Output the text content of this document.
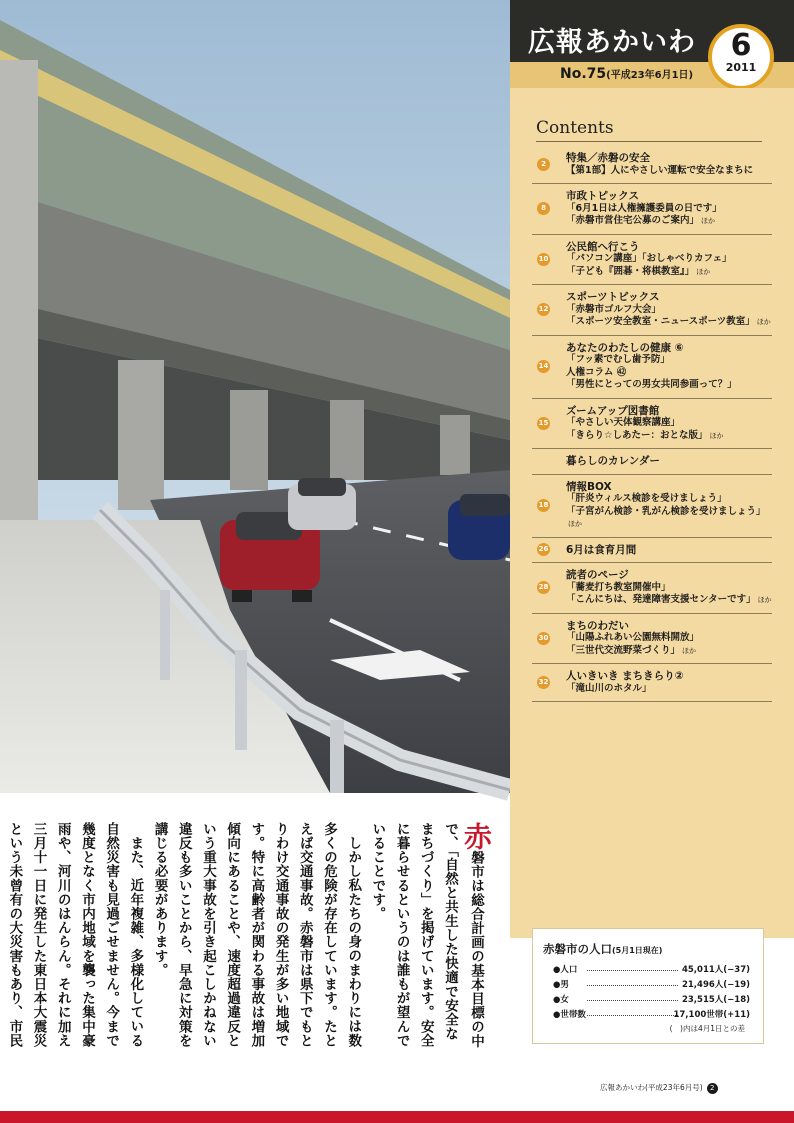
広報あかいわ
No.75(平成23年6月1日)
6
2011
Contents
2	特集／赤磐の安全
【第1部】人にやさしい運転で安全なまちに
8
市政トピックス
「6月1日は人権擁護委員の日です」
「赤磐市営住宅公募のご案内」 ほか
10
公民館へ行こう
「パソコン講座」「おしゃべりカフェ」
「子ども『囲碁・将棋教室』」 ほか
12
スポーツトピックス
「赤磐市ゴルフ大会」
「スポーツ安全教室・ニュースポーツ教室」 ほか
14
あなたのわたしの健康 ⑥
「フッ素でむし歯予防」
人権コラム ㊷
「男性にとっての男女共同参画って？」
15
ズームアップ図書館
「やさしい天体観察講座」
「きらり☆しあたー：おとな版」 ほか
暮らしのカレンダー
18
情報BOX
「肝炎ウィルス検診を受けましょう」
「子宮がん検診・乳がん検診を受けましょう」ほか
26 6月は食育月間
28
読者のページ
「蕎麦打ち教室開催中」
「こんにちは、発達障害支援センターです」 ほか
30
まちのわだい
「山陽ふれあい公園無料開放」
「三世代交流野菜づくり」 ほか
32 人いきいき まちきらり②
「滝山川のホタル」
赤磐市の人口(5月1日現在)
●人口	45,011人(−37)
●男	21,496人(−19)
●女	23,515人(−18)
●世帯数	17,100世帯(+11)
(　)内は4月1日との差
広報あかいわ(平成23年6月号) 2

赤磐市は総合計画の基本目標の中で、「自然と共生した快適で安全なまちづくり」を掲げています。安全に暮らせるというのは誰もが望んでいることです。

しかし私たちの身のまわりには数多くの危険が存在しています。たとえば交通事故。赤磐市は県下でもとりわけ交通事故の発生が多い地域です。特に高齢者が関わる事故は増加傾向にあることや、速度超過違反という重大事故を引き起こしかねない違反も多いことから、早急に対策を講じる必要があります。

また、近年複雑、多様化している自然災害も見過ごせません。今まで幾度となく市内地域を襲った集中豪雨や、河川のはんらん。それに加え三月十一日に発生した東日本大震災という未曾有の大災害もあり、市民
